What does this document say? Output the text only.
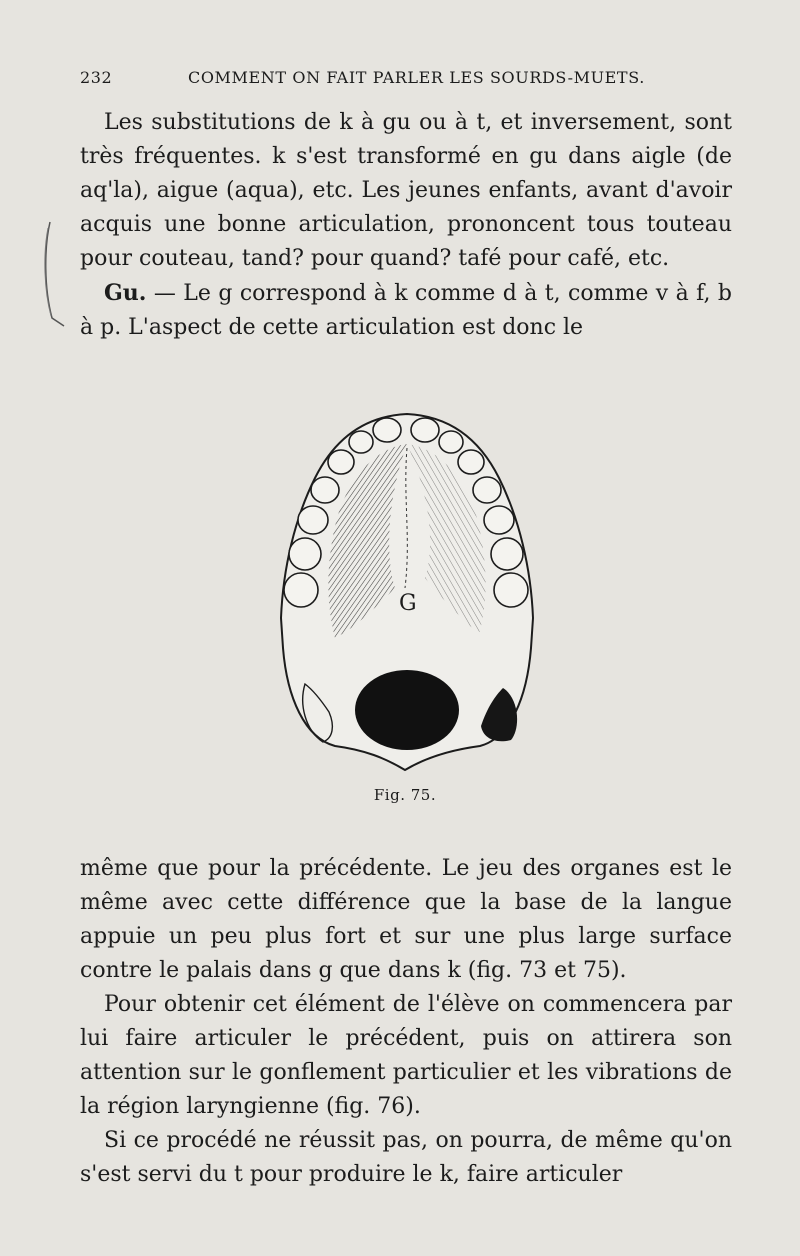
232	COMMENT ON FAIT PARLER LES SOURDS-MUETS.

Les substitutions de k à gu ou à t, et inversement, sont très fréquentes. k s'est transformé en gu dans aigle (de aq'la), aigue (aqua), etc. Les jeunes enfants, avant d'avoir acquis une bonne articulation, prononcent tous touteau pour couteau, tand? pour quand? tafé pour café, etc.

Gu. — Le g correspond à k comme d à t, comme v à f, b à p. L'aspect de cette articulation est donc le

G
Fig. 75.

même que pour la précédente. Le jeu des organes est le même avec cette différence que la base de la langue appuie un peu plus fort et sur une plus large surface contre le palais dans g que dans k (fig. 73 et 75).

Pour obtenir cet élément de l'élève on commencera par lui faire articuler le précédent, puis on attirera son attention sur le gonflement particulier et les vibrations de la région laryngienne (fig. 76).

Si ce procédé ne réussit pas, on pourra, de même qu'on s'est servi du t pour produire le k, faire articuler
